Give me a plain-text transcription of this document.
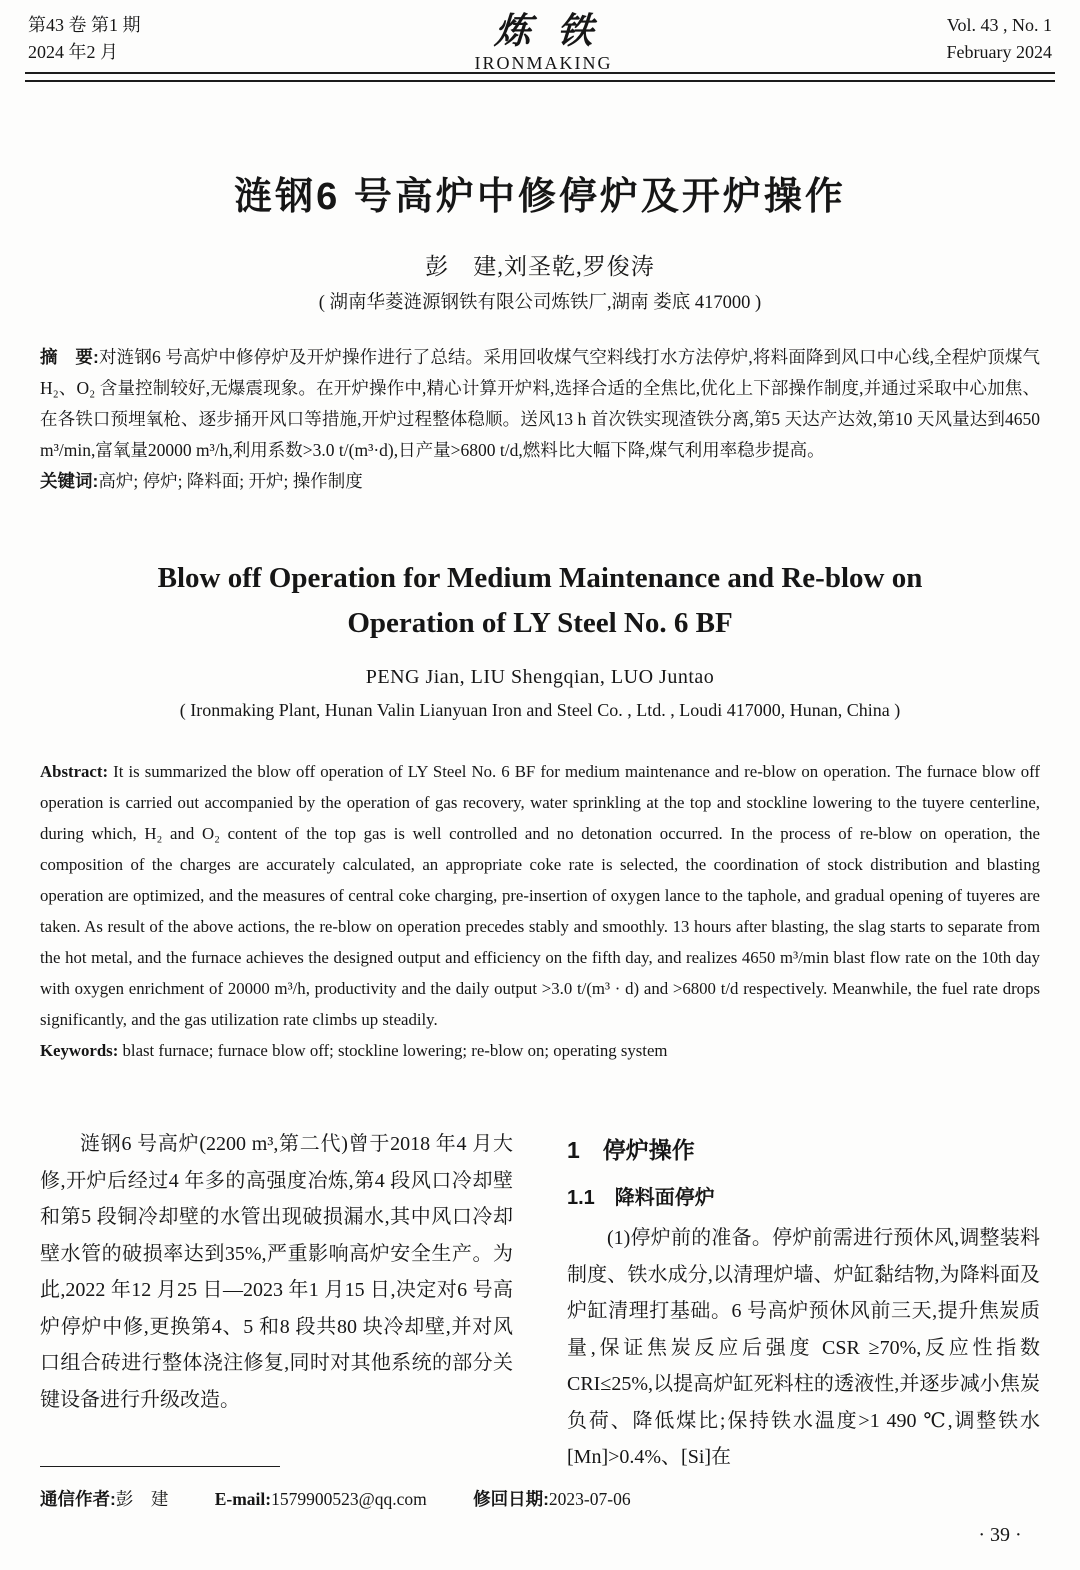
第43 卷 第1 期
2024 年2 月
炼铁
IRONMAKING
Vol. 43 , No. 1
February 2024
涟钢6 号高炉中修停炉及开炉操作
彭　建,刘圣乾,罗俊涛
( 湖南华菱涟源钢铁有限公司炼铁厂,湖南 娄底 417000 )

摘　要:对涟钢6 号高炉中修停炉及开炉操作进行了总结。采用回收煤气空料线打水方法停炉,将料面降到风口中心线,全程炉顶煤气 H₂、O₂ 含量控制较好,无爆震现象。在开炉操作中,精心计算开炉料,选择合适的全焦比,优化上下部操作制度,并通过采取中心加焦、在各铁口预埋氧枪、逐步捅开风口等措施,开炉过程整体稳顺。送风13 h 首次铁实现渣铁分离,第5 天达产达效,第10 天风量达到4650 m³/min,富氧量20000 m³/h,利用系数>3.0 t/(m³·d),日产量>6800 t/d,燃料比大幅下降,煤气利用率稳步提高。

关键词:高炉; 停炉; 降料面; 开炉; 操作制度

Blow off Operation for Medium Maintenance and Re-blow on
Operation of LY Steel No. 6 BF
PENG Jian, LIU Shengqian, LUO Juntao
( Ironmaking Plant, Hunan Valin Lianyuan Iron and Steel Co. , Ltd. , Loudi 417000, Hunan, China )

Abstract: It is summarized the blow off operation of LY Steel No. 6 BF for medium maintenance and re-blow on operation. The furnace blow off operation is carried out accompanied by the operation of gas recovery, water sprinkling at the top and stockline lowering to the tuyere centerline, during which, H₂ and O₂ content of the top gas is well controlled and no detonation occurred. In the process of re-blow on operation, the composition of the charges are accurately calculated, an appropriate coke rate is selected, the coordination of stock distribution and blasting operation are optimized, and the measures of central coke charging, pre-insertion of oxygen lance to the taphole, and gradual opening of tuyeres are taken. As result of the above actions, the re-blow on operation precedes stably and smoothly. 13 hours after blasting, the slag starts to separate from the hot metal, and the furnace achieves the designed output and efficiency on the fifth day, and realizes 4650 m³/min blast flow rate on the 10th day with oxygen enrichment of 20000 m³/h, productivity and the daily output >3.0 t/(m³ · d) and >6800 t/d respectively. Meanwhile, the fuel rate drops significantly, and the gas utilization rate climbs up steadily.

Keywords: blast furnace; furnace blow off; stockline lowering; re-blow on; operating system

涟钢6 号高炉(2200 m³,第二代)曾于2018 年4 月大修,开炉后经过4 年多的高强度冶炼,第4 段风口冷却壁和第5 段铜冷却壁的水管出现破损漏水,其中风口冷却壁水管的破损率达到35%,严重影响高炉安全生产。为此,2022 年12 月25 日—2023 年1 月15 日,决定对6 号高炉停炉中修,更换第4、5 和8 段共80 块冷却壁,并对风口组合砖进行整体浇注修复,同时对其他系统的部分关键设备进行升级改造。

1　停炉操作
1.1　降料面停炉

(1)停炉前的准备。停炉前需进行预休风,调整装料制度、铁水成分,以清理炉墙、炉缸黏结物,为降料面及炉缸清理打基础。6 号高炉预休风前三天,提升焦炭质量,保证焦炭反应后强度 CSR ≥70%,反应性指数 CRI≤25%,以提高炉缸死料柱的透液性,并逐步减小焦炭负荷、降低煤比;保持铁水温度>1 490 ℃,调整铁水[Mn]>0.4%、[Si]在

通信作者:彭　建	E-mail:1579900523@qq.com	修回日期:2023-07-06
· 39 ·
